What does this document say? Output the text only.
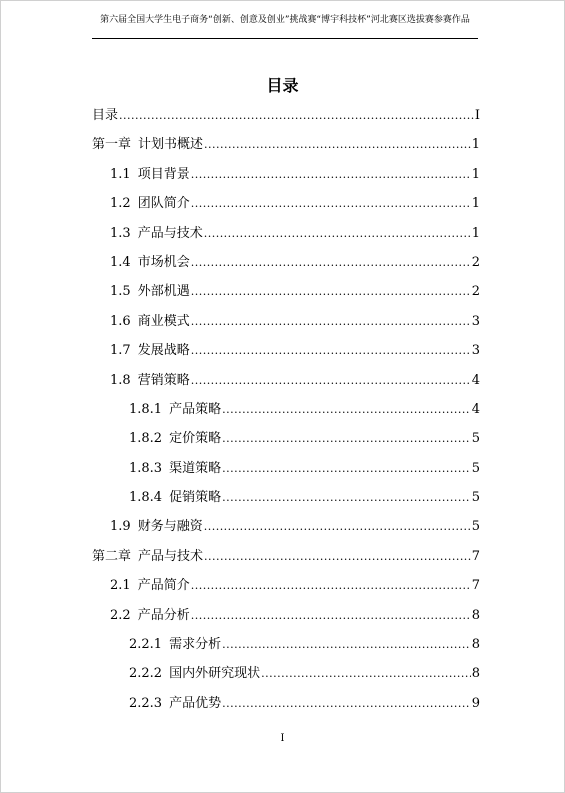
第六届全国大学生电子商务“创新、创意及创业”挑战赛“博宇科技杯”河北赛区选拔赛参赛作品
目录
目录 .....	I
第一章 计划书概述 .....	1
1.1 项目背景 .....	1
1.2 团队简介 .....	1
1.3 产品与技术 .....	1
1.4 市场机会 .....	2
1.5 外部机遇 .....	2
1.6 商业模式 .....	3
1.7 发展战略 .....	3
1.8 营销策略 .....	4
1.8.1 产品策略 .....	4
1.8.2 定价策略 .....	5
1.8.3 渠道策略 .....	5
1.8.4 促销策略 .....	5
1.9 财务与融资 .....	5
第二章 产品与技术 .....	7
2.1 产品简介 .....	7
2.2 产品分析 .....	8
2.2.1 需求分析 .....	8
2.2.2 国内外研究现状 .....	8
2.2.3 产品优势 .....	9
I
